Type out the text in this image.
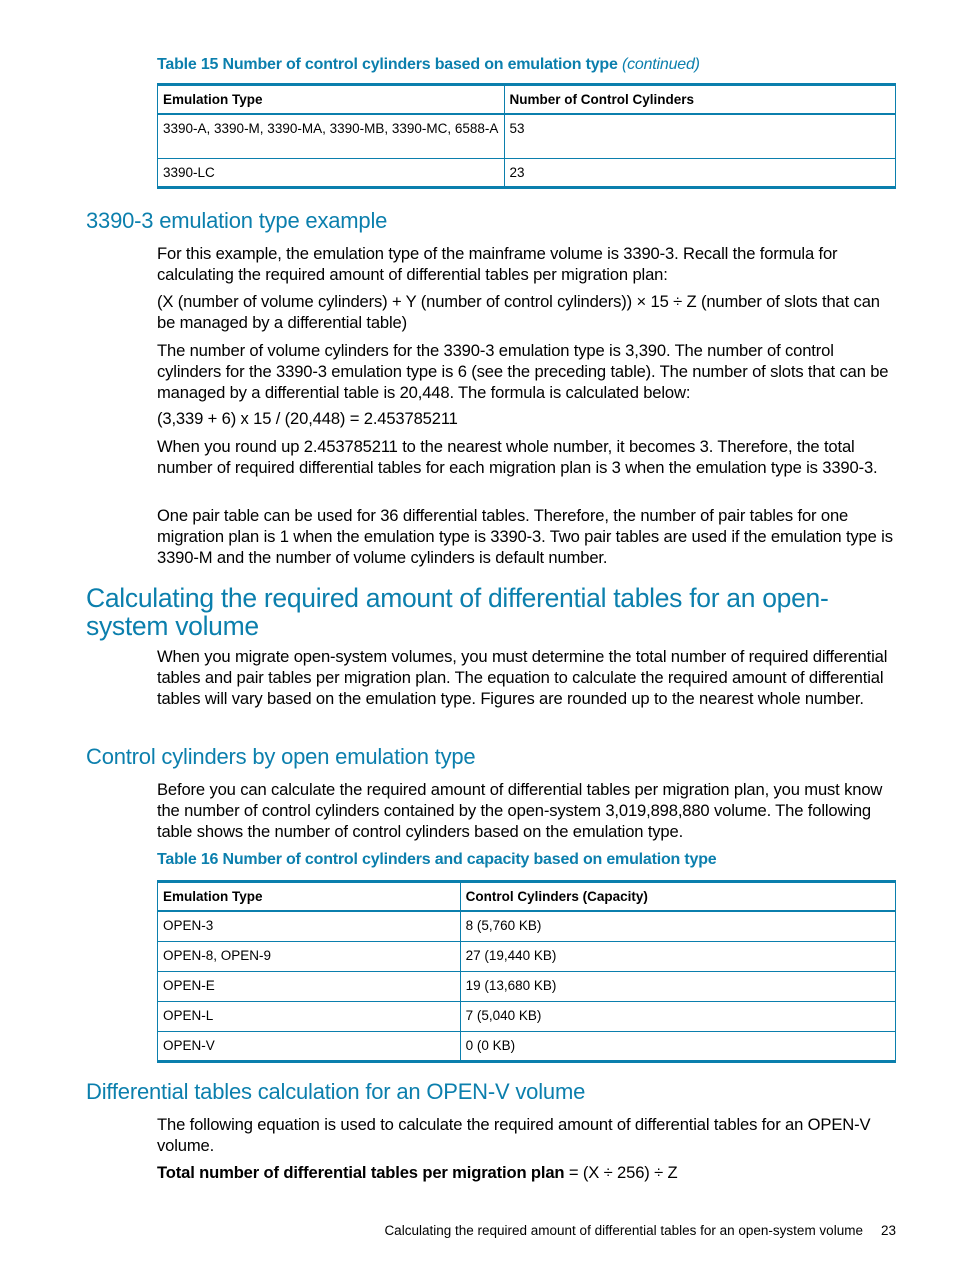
Table 15 Number of control cylinders based on emulation type (continued)
Emulation Type	Number of Control Cylinders
3390-A, 3390-M, 3390-MA, 3390-MB, 3390-MC, 6588-A	53
3390-LC	23
3390-3 emulation type example
For this example, the emulation type of the mainframe volume is 3390-3. Recall the formula for calculating the required amount of differential tables per migration plan:
(X (number of volume cylinders) + Y (number of control cylinders)) × 15 ÷ Z (number of slots that can be managed by a differential table)
The number of volume cylinders for the 3390-3 emulation type is 3,390. The number of control cylinders for the 3390-3 emulation type is 6 (see the preceding table). The number of slots that can be managed by a differential table is 20,448. The formula is calculated below:
(3,339 + 6) x 15 / (20,448) = 2.453785211
When you round up 2.453785211 to the nearest whole number, it becomes 3. Therefore, the total number of required differential tables for each migration plan is 3 when the emulation type is 3390-3.
One pair table can be used for 36 differential tables. Therefore, the number of pair tables for one migration plan is 1 when the emulation type is 3390-3. Two pair tables are used if the emulation type is 3390-M and the number of volume cylinders is default number.
Calculating the required amount of differential tables for an open-system volume
When you migrate open-system volumes, you must determine the total number of required differential tables and pair tables per migration plan. The equation to calculate the required amount of differential tables will vary based on the emulation type. Figures are rounded up to the nearest whole number.
Control cylinders by open emulation type
Before you can calculate the required amount of differential tables per migration plan, you must know the number of control cylinders contained by the open-system 3,019,898,880 volume. The following table shows the number of control cylinders based on the emulation type.
Table 16 Number of control cylinders and capacity based on emulation type
Emulation Type	Control Cylinders (Capacity)
OPEN-3	8 (5,760 KB)
OPEN-8, OPEN-9	27 (19,440 KB)
OPEN-E	19 (13,680 KB)
OPEN-L	7 (5,040 KB)
OPEN-V	0 (0 KB)
Differential tables calculation for an OPEN-V volume
The following equation is used to calculate the required amount of differential tables for an OPEN-V volume.
Total number of differential tables per migration plan = (X ÷ 256) ÷ Z
Calculating the required amount of differential tables for an open-system volume 23
